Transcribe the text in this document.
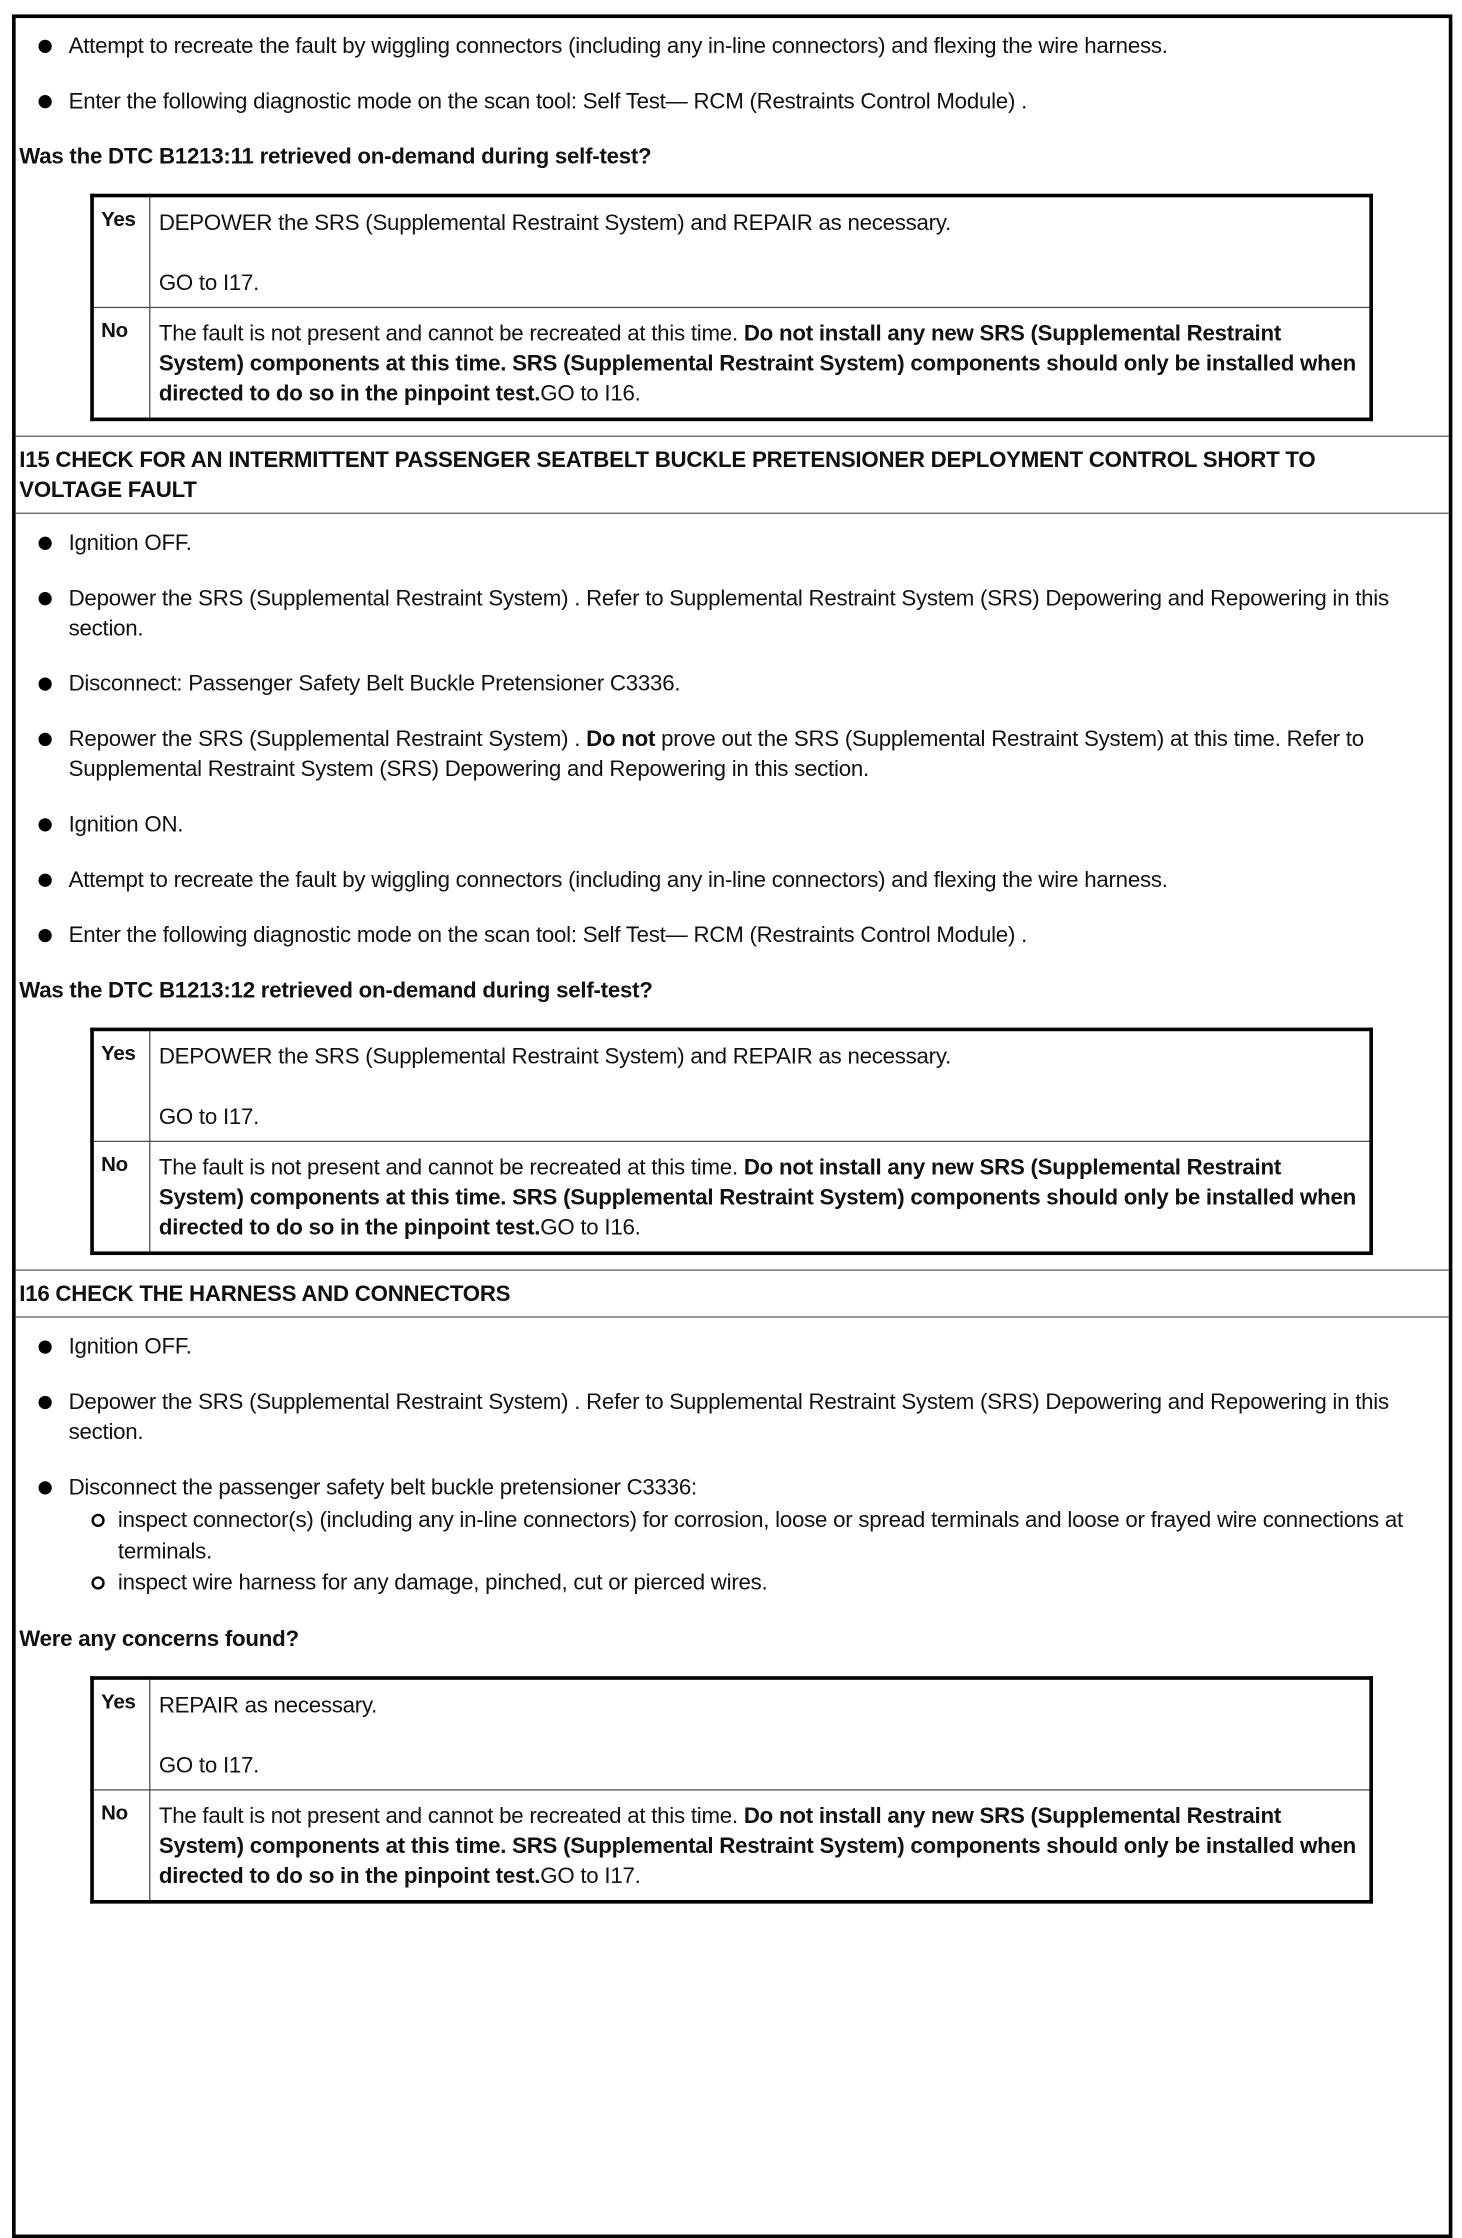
Attempt to recreate the fault by wiggling connectors (including any in-line connectors) and flexing the wire harness.
Enter the following diagnostic mode on the scan tool: Self Test— RCM (Restraints Control Module) .
Was the DTC B1213:11 retrieved on-demand during self-test?
Yes	DEPOWER the SRS (Supplemental Restraint System) and REPAIR as necessary.
GO to I17.

No	The fault is not present and cannot be recreated at this time. Do not install any new SRS (Supplemental Restraint System) components at this time. SRS (Supplemental Restraint System) components should only be installed when directed to do so in the pinpoint test.GO to I16.
I15 CHECK FOR AN INTERMITTENT PASSENGER SEATBELT BUCKLE PRETENSIONER DEPLOYMENT CONTROL SHORT TO VOLTAGE FAULT
Ignition OFF.
Depower the SRS (Supplemental Restraint System) . Refer to Supplemental Restraint System (SRS) Depowering and Repowering in this section.
Disconnect: Passenger Safety Belt Buckle Pretensioner C3336.
Repower the SRS (Supplemental Restraint System) . Do not prove out the SRS (Supplemental Restraint System) at this time. Refer to Supplemental Restraint System (SRS) Depowering and Repowering in this section.
Ignition ON.
Attempt to recreate the fault by wiggling connectors (including any in-line connectors) and flexing the wire harness.
Enter the following diagnostic mode on the scan tool: Self Test— RCM (Restraints Control Module) .
Was the DTC B1213:12 retrieved on-demand during self-test?
Yes	DEPOWER the SRS (Supplemental Restraint System) and REPAIR as necessary.
GO to I17.

No	The fault is not present and cannot be recreated at this time. Do not install any new SRS (Supplemental Restraint System) components at this time. SRS (Supplemental Restraint System) components should only be installed when directed to do so in the pinpoint test.GO to I16.
I16 CHECK THE HARNESS AND CONNECTORS
Ignition OFF.
Depower the SRS (Supplemental Restraint System) . Refer to Supplemental Restraint System (SRS) Depowering and Repowering in this section.
Disconnect the passenger safety belt buckle pretensioner C3336:
inspect connector(s) (including any in-line connectors) for corrosion, loose or spread terminals and loose or frayed wire connections at terminals.
inspect wire harness for any damage, pinched, cut or pierced wires.
Were any concerns found?
Yes	REPAIR as necessary.
GO to I17.

No	The fault is not present and cannot be recreated at this time. Do not install any new SRS (Supplemental Restraint System) components at this time. SRS (Supplemental Restraint System) components should only be installed when directed to do so in the pinpoint test.GO to I17.
